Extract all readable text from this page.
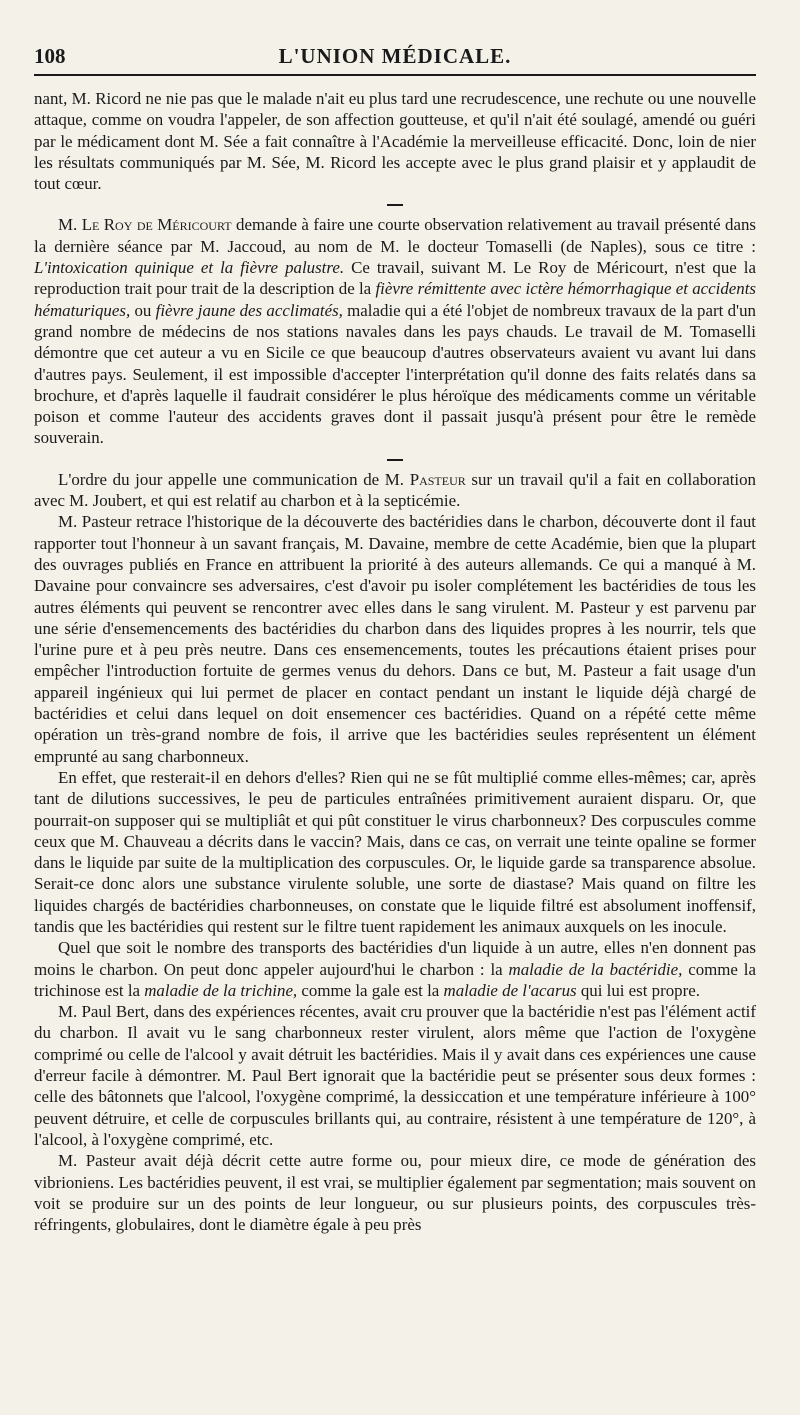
108	L'UNION MÉDICALE.

nant, M. Ricord ne nie pas que le malade n'ait eu plus tard une recrudescence, une rechute ou une nouvelle attaque, comme on voudra l'appeler, de son affection goutteuse, et qu'il n'ait été soulagé, amendé ou guéri par le médicament dont M. Sée a fait connaître à l'Académie la merveilleuse efficacité. Donc, loin de nier les résultats communiqués par M. Sée, M. Ricord les accepte avec le plus grand plaisir et y applaudit de tout cœur.

M. Le Roy de Méricourt demande à faire une courte observation relativement au travail présenté dans la dernière séance par M. Jaccoud, au nom de M. le docteur Tomaselli (de Naples), sous ce titre : L'intoxication quinique et la fièvre palustre. Ce travail, suivant M. Le Roy de Méricourt, n'est que la reproduction trait pour trait de la description de la fièvre rémittente avec ictère hémorrhagique et accidents hématuriques, ou fièvre jaune des acclimatés, maladie qui a été l'objet de nombreux travaux de la part d'un grand nombre de médecins de nos stations navales dans les pays chauds. Le travail de M. Tomaselli démontre que cet auteur a vu en Sicile ce que beaucoup d'autres observateurs avaient vu avant lui dans d'autres pays. Seulement, il est impossible d'accepter l'interprétation qu'il donne des faits relatés dans sa brochure, et d'après laquelle il faudrait considérer le plus héroïque des médicaments comme un véritable poison et comme l'auteur des accidents graves dont il passait jusqu'à présent pour être le remède souverain.

L'ordre du jour appelle une communication de M. Pasteur sur un travail qu'il a fait en collaboration avec M. Joubert, et qui est relatif au charbon et à la septicémie.

M. Pasteur retrace l'historique de la découverte des bactéridies dans le charbon, découverte dont il faut rapporter tout l'honneur à un savant français, M. Davaine, membre de cette Académie, bien que la plupart des ouvrages publiés en France en attribuent la priorité à des auteurs allemands. Ce qui a manqué à M. Davaine pour convaincre ses adversaires, c'est d'avoir pu isoler complétement les bactéridies de tous les autres éléments qui peuvent se rencontrer avec elles dans le sang virulent. M. Pasteur y est parvenu par une série d'ensemencements des bactéridies du charbon dans des liquides propres à les nourrir, tels que l'urine pure et à peu près neutre. Dans ces ensemencements, toutes les précautions étaient prises pour empêcher l'introduction fortuite de germes venus du dehors. Dans ce but, M. Pasteur a fait usage d'un appareil ingénieux qui lui permet de placer en contact pendant un instant le liquide déjà chargé de bactéridies et celui dans lequel on doit ensemencer ces bactéridies. Quand on a répété cette même opération un très-grand nombre de fois, il arrive que les bactéridies seules représentent un élément emprunté au sang charbonneux.

En effet, que resterait-il en dehors d'elles? Rien qui ne se fût multiplié comme elles-mêmes; car, après tant de dilutions successives, le peu de particules entraînées primitivement auraient disparu. Or, que pourrait-on supposer qui se multipliât et qui pût constituer le virus charbonneux? Des corpuscules comme ceux que M. Chauveau a décrits dans le vaccin? Mais, dans ce cas, on verrait une teinte opaline se former dans le liquide par suite de la multiplication des corpuscules. Or, le liquide garde sa transparence absolue. Serait-ce donc alors une substance virulente soluble, une sorte de diastase? Mais quand on filtre les liquides chargés de bactéridies charbonneuses, on constate que le liquide filtré est absolument inoffensif, tandis que les bactéridies qui restent sur le filtre tuent rapidement les animaux auxquels on les inocule.

Quel que soit le nombre des transports des bactéridies d'un liquide à un autre, elles n'en donnent pas moins le charbon. On peut donc appeler aujourd'hui le charbon : la maladie de la bactéridie, comme la trichinose est la maladie de la trichine, comme la gale est la maladie de l'acarus qui lui est propre.

M. Paul Bert, dans des expériences récentes, avait cru prouver que la bactéridie n'est pas l'élément actif du charbon. Il avait vu le sang charbonneux rester virulent, alors même que l'action de l'oxygène comprimé ou celle de l'alcool y avait détruit les bactéridies. Mais il y avait dans ces expériences une cause d'erreur facile à démontrer. M. Paul Bert ignorait que la bactéridie peut se présenter sous deux formes : celle des bâtonnets que l'alcool, l'oxygène comprimé, la dessiccation et une température inférieure à 100° peuvent détruire, et celle de corpuscules brillants qui, au contraire, résistent à une température de 120°, à l'alcool, à l'oxygène comprimé, etc.

M. Pasteur avait déjà décrit cette autre forme ou, pour mieux dire, ce mode de génération des vibrioniens. Les bactéridies peuvent, il est vrai, se multiplier également par segmentation; mais souvent on voit se produire sur un des points de leur longueur, ou sur plusieurs points, des corpuscules très-réfringents, globulaires, dont le diamètre égale à peu près
